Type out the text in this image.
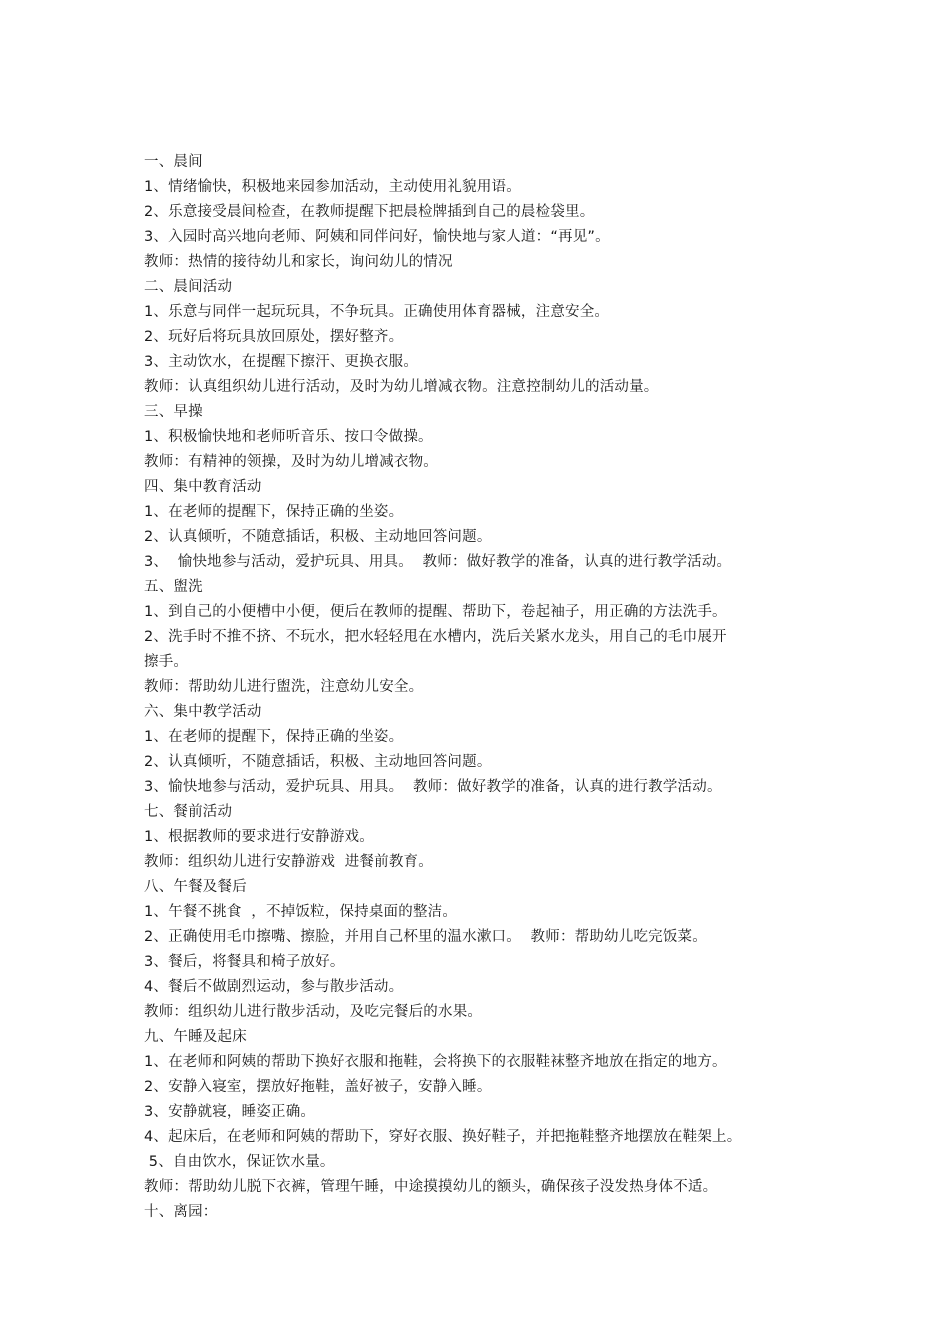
一、晨间
1、情绪愉快，积极地来园参加活动，主动使用礼貌用语。
2、乐意接受晨间检查，在教师提醒下把晨检牌插到自己的晨检袋里。
3、入园时高兴地向老师、阿姨和同伴问好，愉快地与家人道：“再见”。
教师：热情的接待幼儿和家长，询问幼儿的情况
二、晨间活动
1、乐意与同伴一起玩玩具，不争玩具。正确使用体育器械，注意安全。
2、玩好后将玩具放回原处，摆好整齐。
3、主动饮水，在提醒下擦汗、更换衣服。
教师：认真组织幼儿进行活动，及时为幼儿增减衣物。注意控制幼儿的活动量。
三、早操
1、积极愉快地和老师听音乐、按口令做操。
教师：有精神的领操，及时为幼儿增减衣物。
四、集中教育活动
1、在老师的提醒下，保持正确的坐姿。
2、认真倾听，不随意插话，积极、主动地回答问题。
3、  愉快地参与活动，爱护玩具、用具。  教师：做好教学的准备，认真的进行教学活动。
五、盥洗
1、到自己的小便槽中小便，便后在教师的提醒、帮助下，卷起袖子，用正确的方法洗手。
2、洗手时不推不挤、不玩水，把水轻轻甩在水槽内，洗后关紧水龙头，用自己的毛巾展开
擦手。
教师：帮助幼儿进行盥洗，注意幼儿安全。
六、集中教学活动
1、在老师的提醒下，保持正确的坐姿。
2、认真倾听，不随意插话，积极、主动地回答问题。
3、愉快地参与活动，爱护玩具、用具。  教师：做好教学的准备，认真的进行教学活动。
七、餐前活动
1、根据教师的要求进行安静游戏。
教师：组织幼儿进行安静游戏  进餐前教育。
八、午餐及餐后
1、午餐不挑食  ，不掉饭粒，保持桌面的整洁。
2、正确使用毛巾擦嘴、擦脸，并用自己杯里的温水漱口。  教师：帮助幼儿吃完饭菜。
3、餐后，将餐具和椅子放好。
4、餐后不做剧烈运动，参与散步活动。
教师：组织幼儿进行散步活动，及吃完餐后的水果。
九、午睡及起床
1、在老师和阿姨的帮助下换好衣服和拖鞋，会将换下的衣服鞋袜整齐地放在指定的地方。
2、安静入寝室，摆放好拖鞋，盖好被子，安静入睡。
3、安静就寝，睡姿正确。
4、起床后，在老师和阿姨的帮助下，穿好衣服、换好鞋子，并把拖鞋整齐地摆放在鞋架上。
5、自由饮水，保证饮水量。
教师：帮助幼儿脱下衣裤，管理午睡，中途摸摸幼儿的额头，确保孩子没发热身体不适。
十、离园：
